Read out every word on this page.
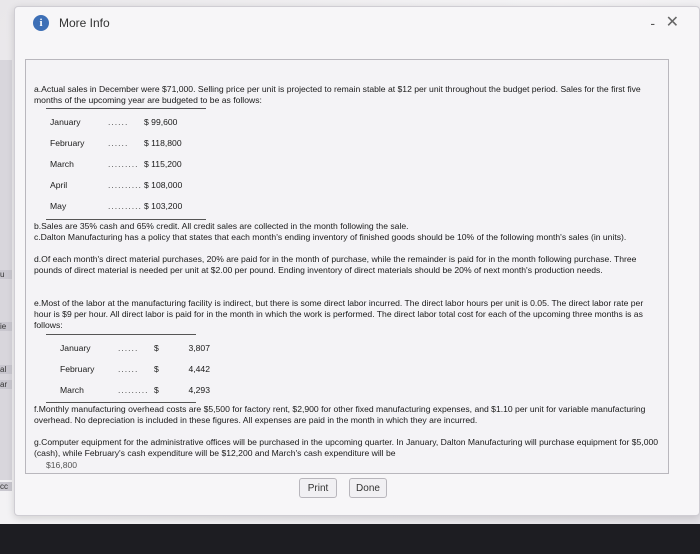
u
ie
al
ar
cc
i	More Info	- ✕
a.Actual sales in December were $71,000. Selling price per unit is projected to remain stable at $12 per unit throughout the budget period. Sales for the first five months of the upcoming year are budgeted to be as follows:
January	......	$ 99,600
February	......	$ 118,800
March	.........	$ 115,200
April	..........	$ 108,000
May	..........	$ 103,200
b.Sales are 35% cash and 65% credit. All credit sales are collected in the month following the sale.
c.Dalton Manufacturing has a policy that states that each month's ending inventory of finished goods should be 10% of the following month's sales (in units).
d.Of each month's direct material purchases, 20% are paid for in the month of purchase, while the remainder is paid for in the month following purchase. Three pounds of direct material is needed per unit at $2.00 per pound. Ending inventory of direct materials should be 20% of next month's production needs.
e.Most of the labor at the manufacturing facility is indirect, but there is some direct labor incurred. The direct labor hours per unit is 0.05. The direct labor rate per hour is $9 per hour. All direct labor is paid for in the month in which the work is performed. The direct labor total cost for each of the upcoming three months is as follows:
January	......	$	3,807
February	......	$	4,442
March	.........	$	4,293
f.Monthly manufacturing overhead costs are $5,500 for factory rent, $2,900 for other fixed manufacturing expenses, and $1.10 per unit for variable manufacturing overhead. No depreciation is included in these figures. All expenses are paid in the month in which they are incurred.
g.Computer equipment for the administrative offices will be purchased in the upcoming quarter. In January, Dalton Manufacturing will purchase equipment for $5,000 (cash), while February's cash expenditure will be $12,200 and March's cash expenditure will be
$16,800
Print	Done
